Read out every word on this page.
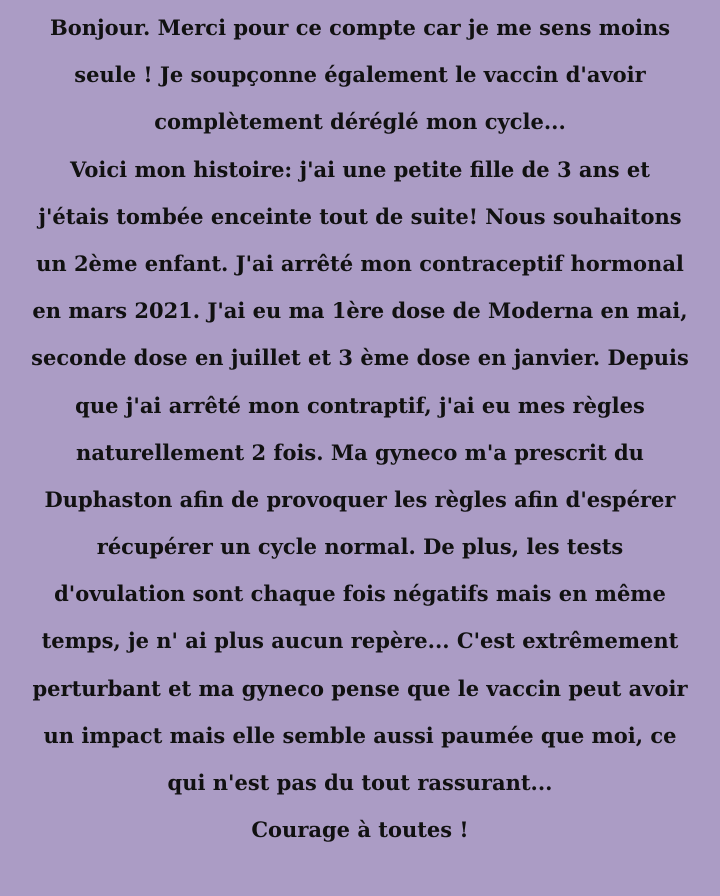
Bonjour. Merci pour ce compte car je me sens moins
seule ! Je soupçonne également le vaccin d'avoir
complètement déréglé mon cycle...
Voici mon histoire: j'ai une petite fille de 3 ans et
j'étais tombée enceinte tout de suite! Nous souhaitons
un 2ème enfant. J'ai arrêté mon contraceptif hormonal
en mars 2021. J'ai eu ma 1ère dose de Moderna en mai,
seconde dose en juillet et 3 ème dose en janvier. Depuis
que j'ai arrêté mon contraptif, j'ai eu mes règles
naturellement 2 fois. Ma gyneco m'a prescrit du
Duphaston afin de provoquer les règles afin d'espérer
récupérer un cycle normal. De plus, les tests
d'ovulation sont chaque fois négatifs mais en même
temps, je n' ai plus aucun repère... C'est extrêmement
perturbant et ma gyneco pense que le vaccin peut avoir
un impact mais elle semble aussi paumée que moi, ce
qui n'est pas du tout rassurant...
Courage à toutes !
